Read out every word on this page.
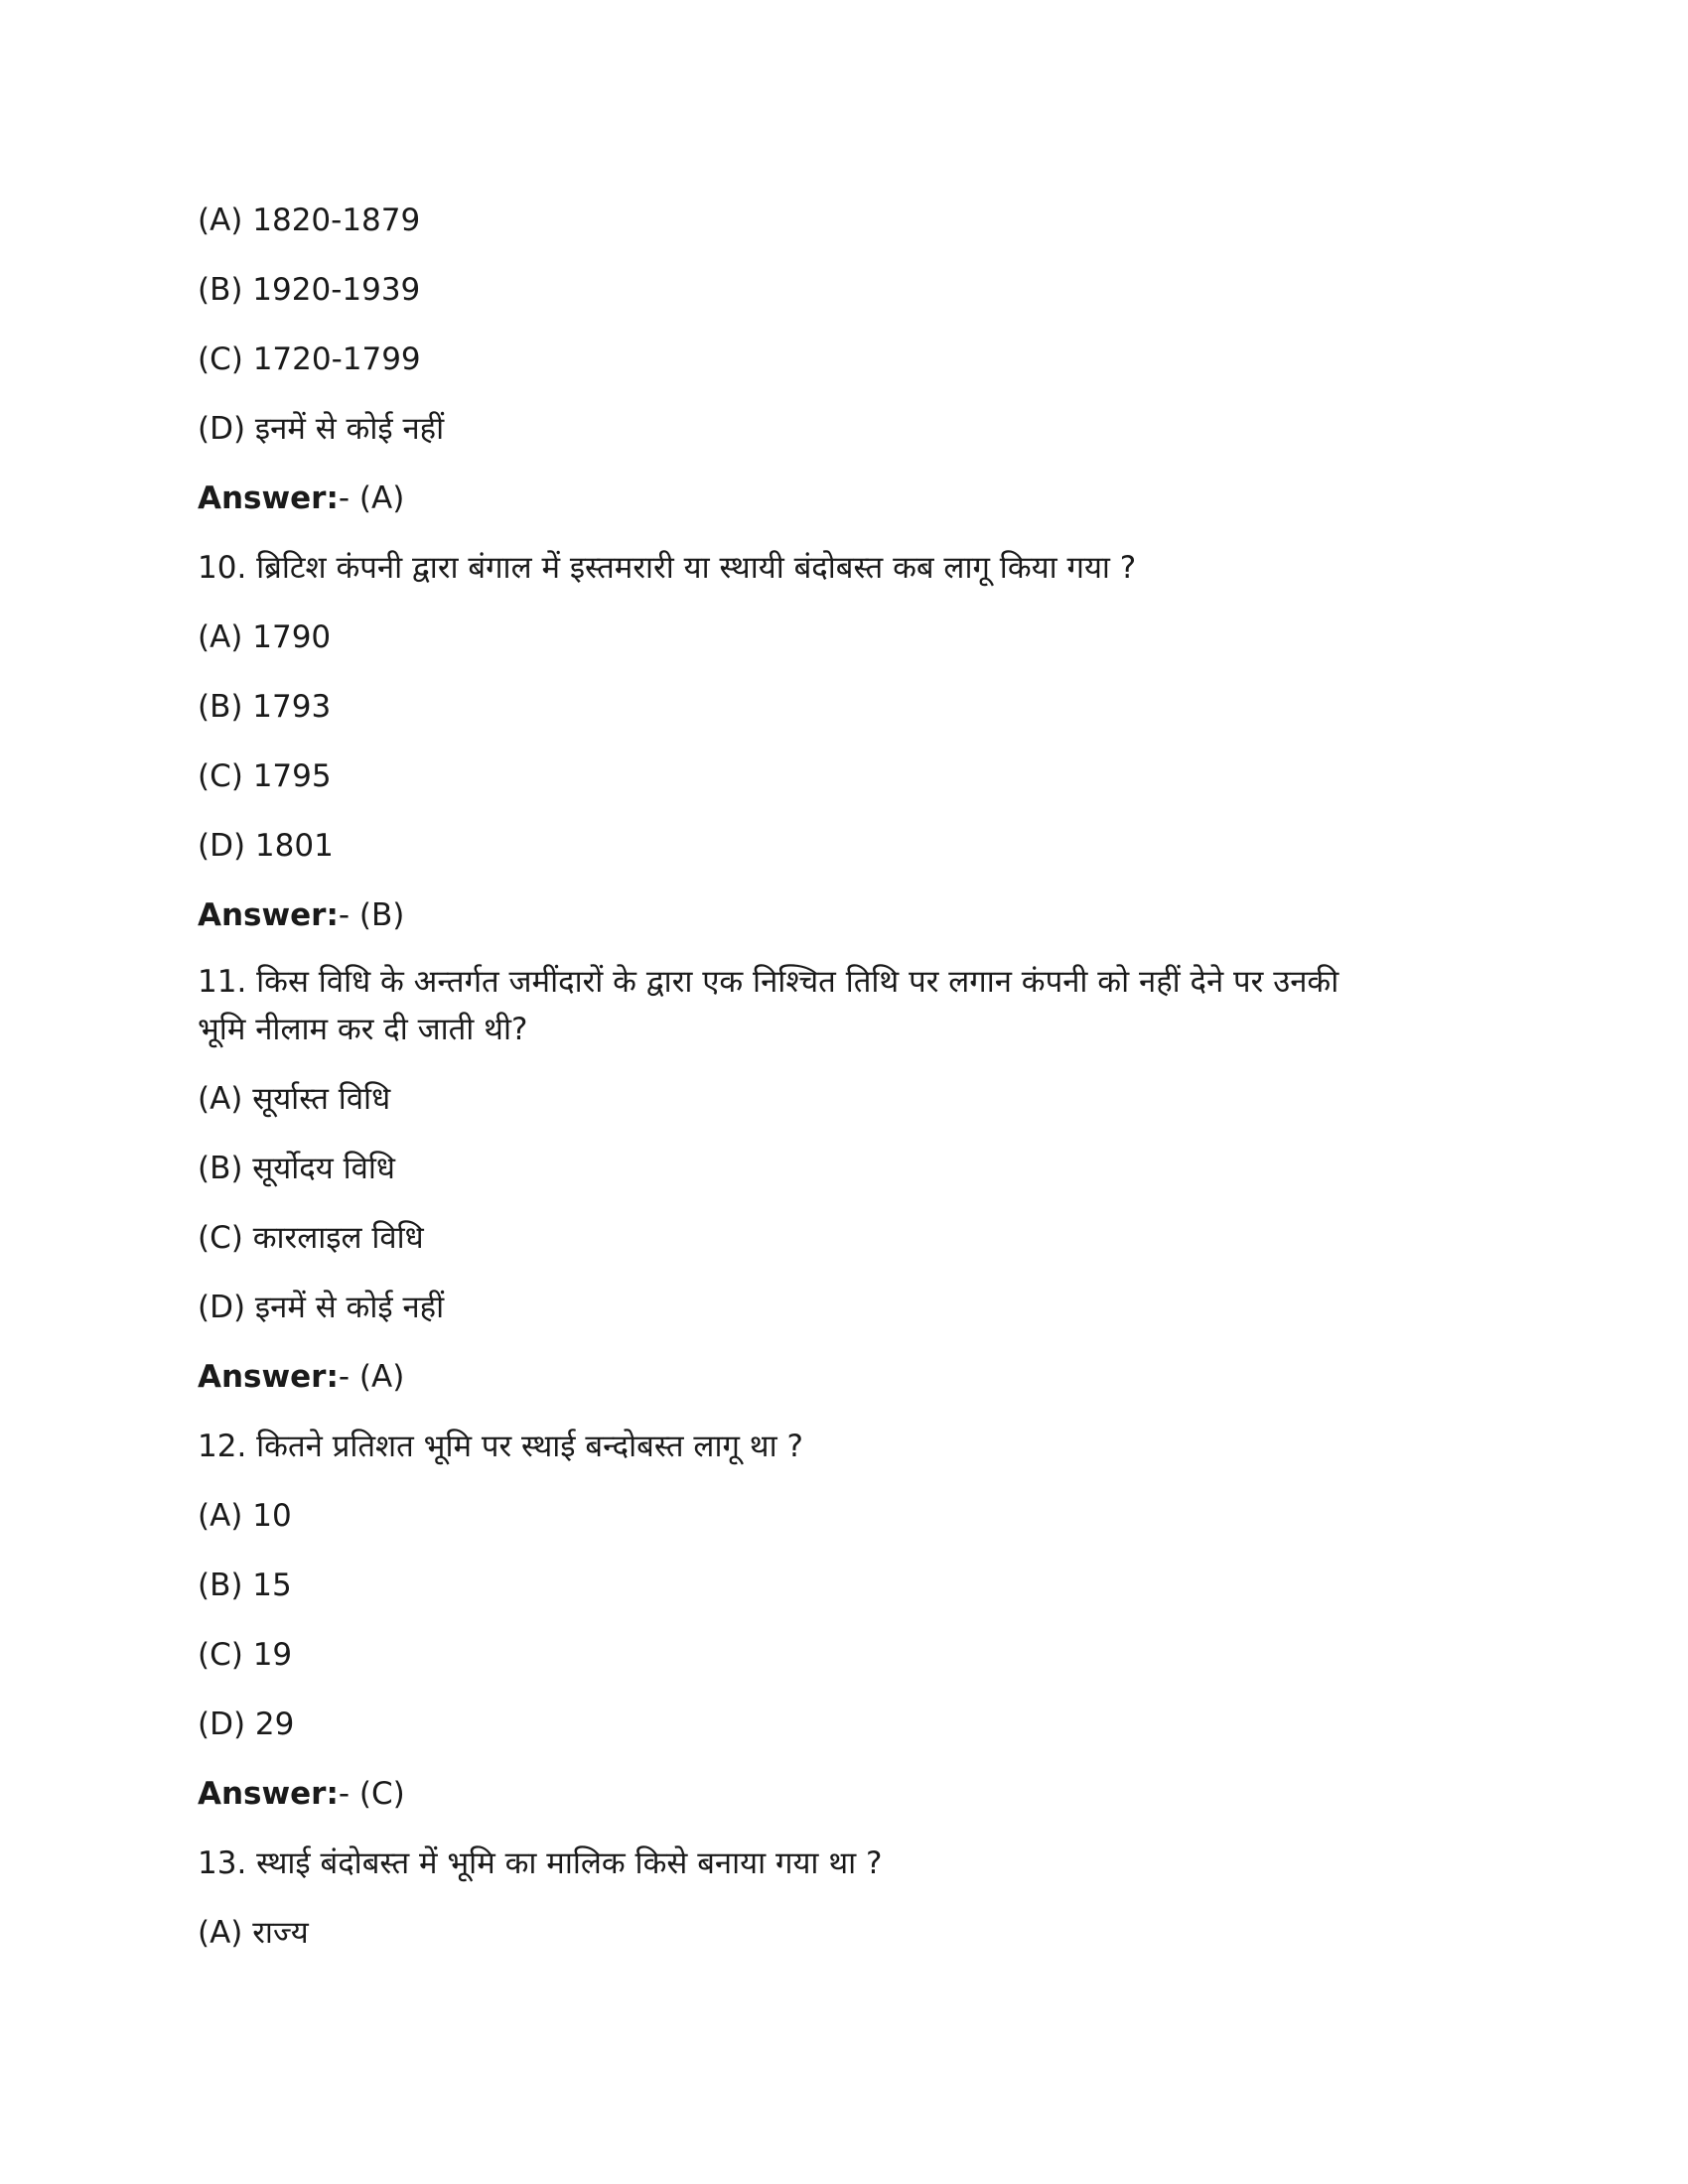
(A) 1820-1879
(B) 1920-1939
(C) 1720-1799
(D) इनमें से कोई नहीं
Answer:- (A)
10. ब्रिटिश कंपनी द्वारा बंगाल में इस्तमरारी या स्थायी बंदोबस्त कब लागू किया गया ?
(A) 1790
(B) 1793
(C) 1795
(D) 1801
Answer:- (B)
11. किस विधि के अन्तर्गत जमींदारों के द्वारा एक निश्चित तिथि पर लगान कंपनी को नहीं देने पर उनकी
भूमि नीलाम कर दी जाती थी?
(A) सूर्यास्त विधि
(B) सूर्योदय विधि
(C) कारलाइल विधि
(D) इनमें से कोई नहीं
Answer:- (A)
12. कितने प्रतिशत भूमि पर स्थाई बन्दोबस्त लागू था ?
(A) 10
(B) 15
(C) 19
(D) 29
Answer:- (C)
13. स्थाई बंदोबस्त में भूमि का मालिक किसे बनाया गया था ?
(A) राज्य
